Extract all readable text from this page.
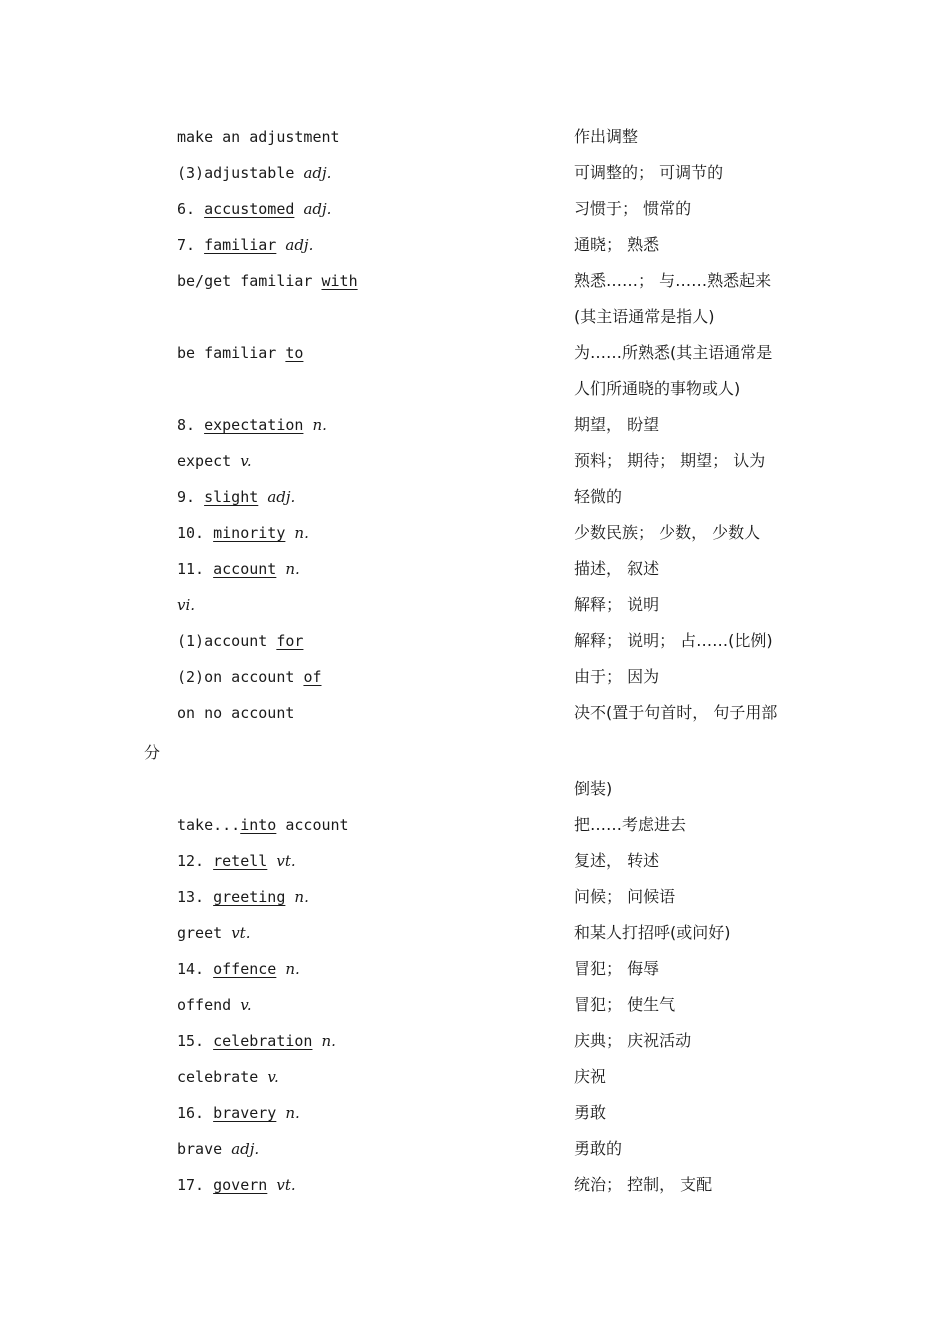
make an adjustment	作出调整
(3)adjustable adj.	可调整的； 可调节的
6. accustomed adj.	习惯于； 惯常的
7. familiar adj.	通晓； 熟悉
be/get familiar with	熟悉……； 与……熟悉起来
(其主语通常是指人)
be familiar to	为……所熟悉(其主语通常是
人们所通晓的事物或人)
8. expectation n.	期望， 盼望
expect v.	预料； 期待； 期望； 认为
9. slight adj.	轻微的
10. minority n.	少数民族； 少数， 少数人
11. account n.	描述， 叙述
vi.	解释； 说明
(1)account for	解释； 说明； 占……(比例)
(2)on account of	由于； 因为
on no account	决不(置于句首时， 句子用部
分
倒装)
take...into account	把……考虑进去
12. retell vt.	复述， 转述
13. greeting n.	问候； 问候语
greet vt.	和某人打招呼(或问好)
14. offence n.	冒犯； 侮辱
offend v.	冒犯； 使生气
15. celebration n.	庆典； 庆祝活动
celebrate v.	庆祝
16. bravery n.	勇敢
brave adj.	勇敢的
17. govern vt.	统治； 控制， 支配
